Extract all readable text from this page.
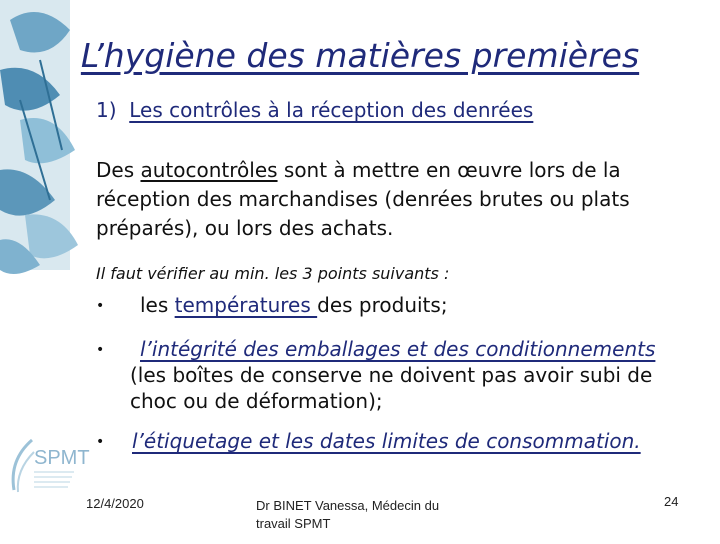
SPMT
L’hygiène des matières premières
1) Les contrôles à la réception des denrées
Des autocontrôles sont à mettre en œuvre lors de la réception des marchandises (denrées brutes ou plats préparés), ou lors des achats.
Il faut vérifier au min. les 3 points suivants :
• les températures des produits;
• l’intégrité des emballages et des conditionnements
(les boîtes de conserve ne doivent pas avoir subi de
choc ou de déformation);
• l’étiquetage et les dates limites de consommation.
12/4/2020	Dr BINET Vanessa, Médecin du
travail SPMT
24
